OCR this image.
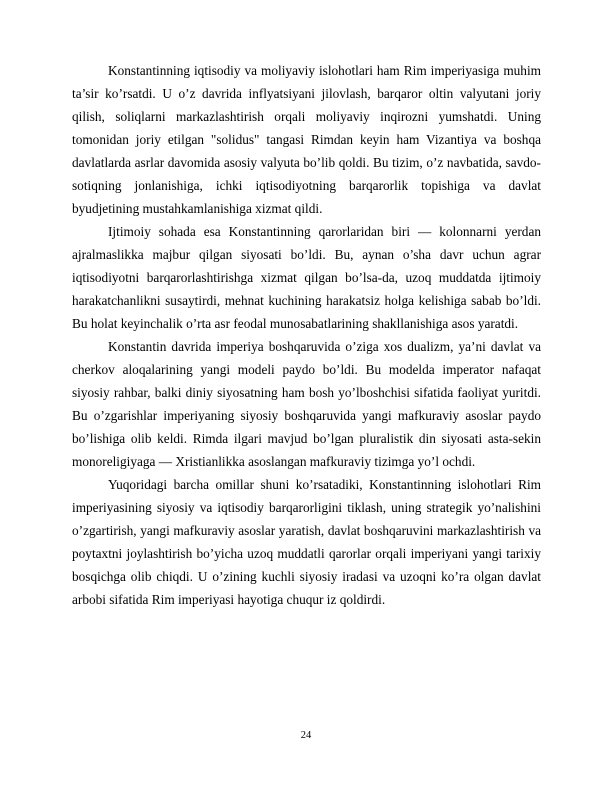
Konstantinning iqtisodiy va moliyaviy islohotlari ham Rim imperiyasiga muhim ta’sir ko’rsatdi. U o’z davrida inflyatsiyani jilovlash, barqaror oltin valyutani joriy qilish, soliqlarni markazlashtirish orqali moliyaviy inqirozni yumshatdi. Uning tomonidan joriy etilgan "solidus" tangasi Rimdan keyin ham Vizantiya va boshqa davlatlarda asrlar davomida asosiy valyuta bo’lib qoldi. Bu tizim, o’z navbatida, savdo-sotiqning jonlanishiga, ichki iqtisodiyotning barqarorlik topishiga va davlat byudjetining mustahkamlanishiga xizmat qildi.

Ijtimoiy sohada esa Konstantinning qarorlaridan biri — kolonnarni yerdan ajralmaslikka majbur qilgan siyosati bo’ldi. Bu, aynan o’sha davr uchun agrar iqtisodiyotni barqarorlashtirishga xizmat qilgan bo’lsa-da, uzoq muddatda ijtimoiy harakatchanlikni susaytirdi, mehnat kuchining harakatsiz holga kelishiga sabab bo’ldi. Bu holat keyinchalik o’rta asr feodal munosabatlarining shakllanishiga asos yaratdi.

Konstantin davrida imperiya boshqaruvida o’ziga xos dualizm, ya’ni davlat va cherkov aloqalarining yangi modeli paydo bo’ldi. Bu modelda imperator nafaqat siyosiy rahbar, balki diniy siyosatning ham bosh yo’lboshchisi sifatida faoliyat yuritdi. Bu o’zgarishlar imperiyaning siyosiy boshqaruvida yangi mafkuraviy asoslar paydo bo’lishiga olib keldi. Rimda ilgari mavjud bo’lgan pluralistik din siyosati asta-sekin monoreligiyaga — Xristianlikka asoslangan mafkuraviy tizimga yo’l ochdi.

Yuqoridagi barcha omillar shuni ko’rsatadiki, Konstantinning islohotlari Rim imperiyasining siyosiy va iqtisodiy barqarorligini tiklash, uning strategik yo’nalishini o’zgartirish, yangi mafkuraviy asoslar yaratish, davlat boshqaruvini markazlashtirish va poytaxtni joylashtirish bo’yicha uzoq muddatli qarorlar orqali imperiyani yangi tarixiy bosqichga olib chiqdi. U o’zining kuchli siyosiy iradasi va uzoqni ko’ra olgan davlat arbobi sifatida Rim imperiyasi hayotiga chuqur iz qoldirdi.

24
